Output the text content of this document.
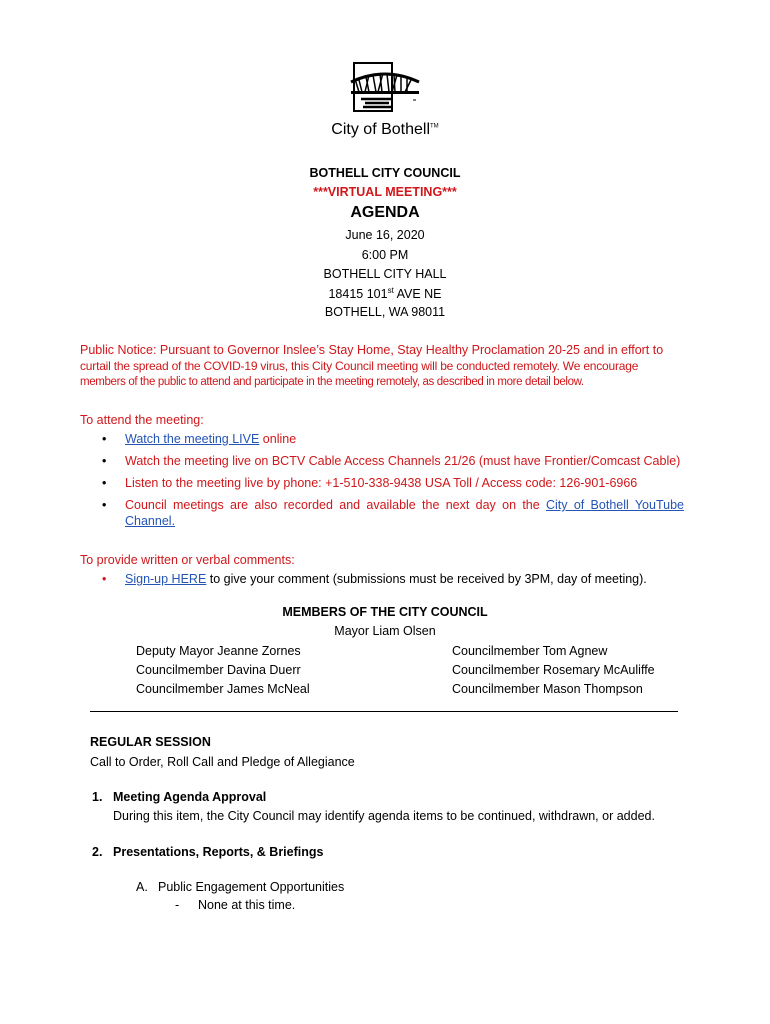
City of Bothell™
BOTHELL CITY COUNCIL
***VIRTUAL MEETING***
AGENDA
June 16, 2020
6:00 PM
BOTHELL CITY HALL
18415 101st AVE NE
BOTHELL, WA 98011
Public Notice: Pursuant to Governor Inslee’s Stay Home, Stay Healthy Proclamation 20-25 and in effort to
curtail the spread of the COVID-19 virus, this City Council meeting will be conducted remotely. We encourage
members of the public to attend and participate in the meeting remotely, as described in more detail below.
To attend the meeting:
• Watch the meeting LIVE online
• Watch the meeting live on BCTV Cable Access Channels 21/26 (must have Frontier/Comcast Cable)
• Listen to the meeting live by phone: +1-510-338-9438 USA Toll / Access code: 126-901-6966
• Council meetings are also recorded and available the next day on the City of Bothell YouTube Channel.
To provide written or verbal comments:
• Sign-up HERE to give your comment (submissions must be received by 3PM, day of meeting).
MEMBERS OF THE CITY COUNCIL
Mayor Liam Olsen
Deputy Mayor Jeanne Zornes
Councilmember Davina Duerr
Councilmember James McNeal
Councilmember Tom Agnew
Councilmember Rosemary McAuliffe
Councilmember Mason Thompson
REGULAR SESSION
Call to Order, Roll Call and Pledge of Allegiance
1. Meeting Agenda Approval
During this item, the City Council may identify agenda items to be continued, withdrawn, or added.
2. Presentations, Reports, & Briefings
A. Public Engagement Opportunities
- None at this time.
